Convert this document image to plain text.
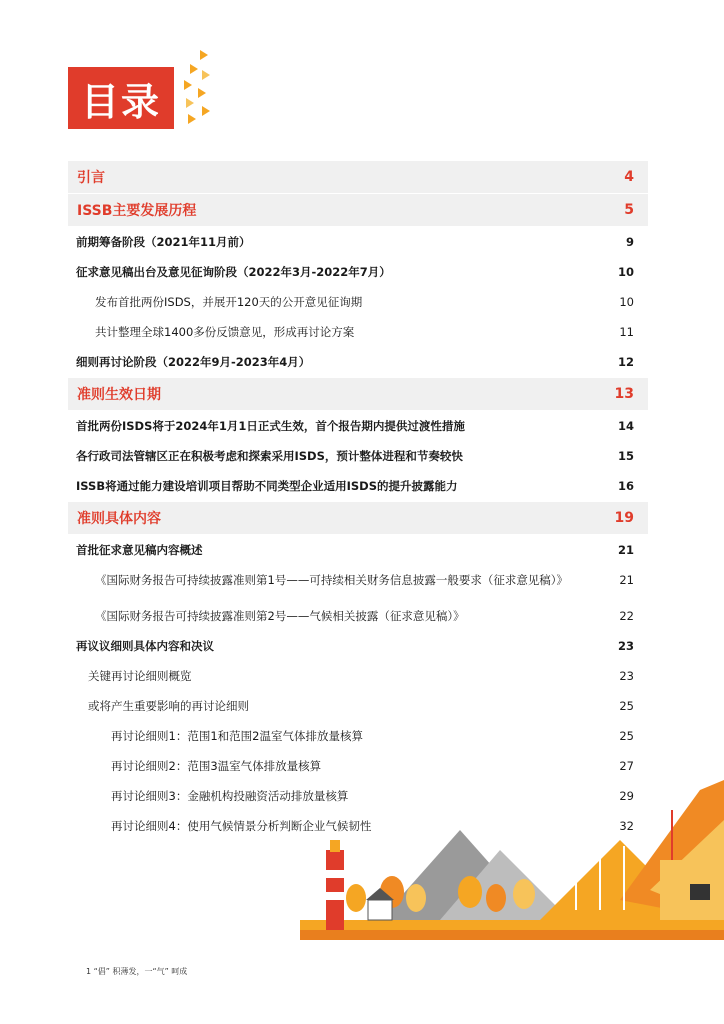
目录
引言	4
ISSB主要发展历程	5
前期筹备阶段（2021年11月前）	9
征求意见稿出台及意见征询阶段（2022年3月-2022年7月）	10
发布首批两份ISDS，并展开120天的公开意见征询期	10
共计整理全球1400多份反馈意见，形成再讨论方案	11
细则再讨论阶段（2022年9月-2023年4月）	12
准则生效日期	13
首批两份ISDS将于2024年1月1日正式生效，首个报告期内提供过渡性措施	14
各行政司法管辖区正在积极考虑和探索采用ISDS，预计整体进程和节奏较快	15
ISSB将通过能力建设培训项目帮助不同类型企业适用ISDS的提升披露能力	16
准则具体内容	19
首批征求意见稿内容概述	21
《国际财务报告可持续披露准则第1号——可持续相关财务信息披露一般要求（征求意见稿）》	21
《国际财务报告可持续披露准则第2号——气候相关披露（征求意见稿）》	22
再议议细则具体内容和决议	23
关键再讨论细则概览	23
或将产生重要影响的再讨论细则	25
再讨论细则1：范围1和范围2温室气体排放量核算	25
再讨论细则2：范围3温室气体排放量核算	27
再讨论细则3：金融机构投融资活动排放量核算	29
再讨论细则4：使用气候情景分析判断企业气候韧性	32
1 “倡” 积薄发，一“气” 呵成
